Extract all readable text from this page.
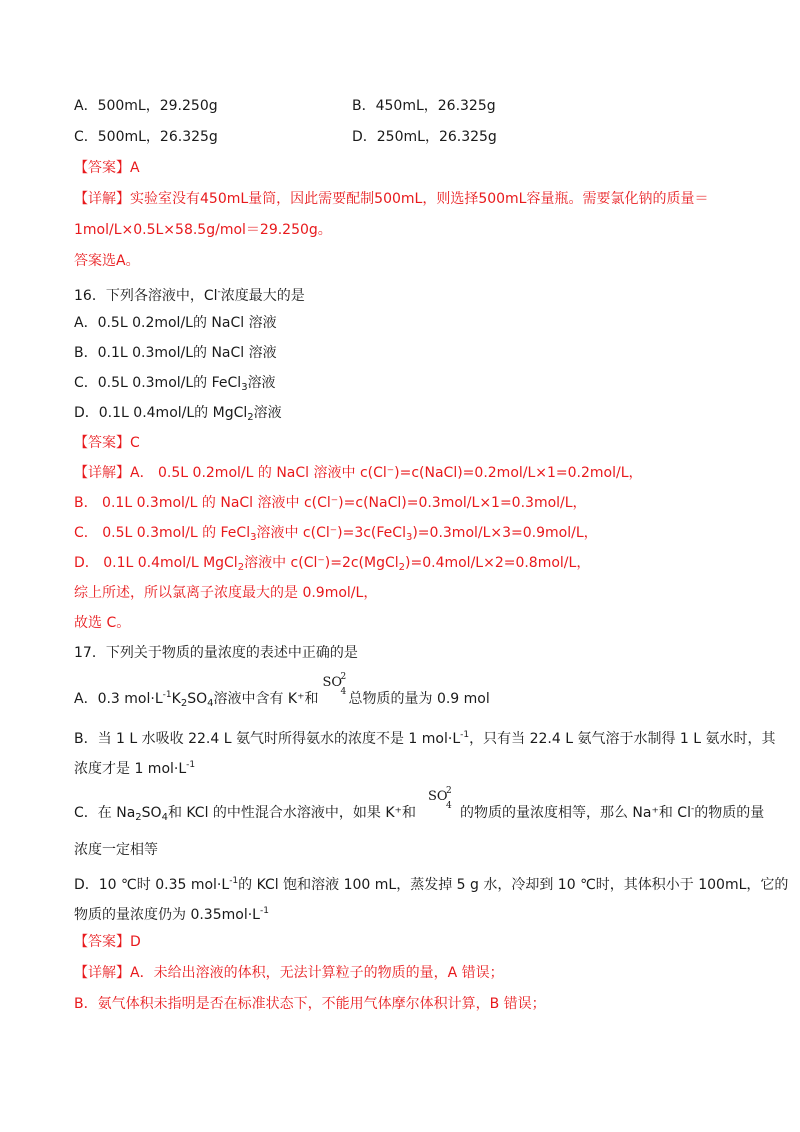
A．500mL，29.250g	B．450mL，26.325g
C．500mL，26.325g	D．250mL，26.325g
【答案】A
【详解】实验室没有450mL量筒，因此需要配制500mL，则选择500mL容量瓶。需要氯化钠的质量＝
1mol/L×0.5L×58.5g/mol＝29.250g。
答案选A。
16．下列各溶液中，Cl-浓度最大的是
A．0.5L 0.2mol/L的 NaCl 溶液
B．0.1L 0.3mol/L的 NaCl 溶液
C．0.5L 0.3mol/L的 FeCl$_3$溶液
D．0.1L 0.4mol/L的 MgCl$_2$溶液
【答案】C
【详解】A． 0.5L 0.2mol/L 的 NaCl 溶液中 c(Cl⁻)=c(NaCl)=0.2mol/L×1=0.2mol/L，
B． 0.1L 0.3mol/L 的 NaCl 溶液中 c(Cl⁻)=c(NaCl)=0.3mol/L×1=0.3mol/L，
C． 0.5L 0.3mol/L 的 FeCl$_3$溶液中 c(Cl⁻)=3c(FeCl$_3$)=0.3mol/L×3=0.9mol/L，
D． 0.1L 0.4mol/L MgCl$_2$溶液中 c(Cl⁻)=2c(MgCl$_2$)=0.4mol/L×2=0.8mol/L，
综上所述，所以氯离子浓度最大的是 0.9mol/L，
故选 C。
17．下列关于物质的量浓度的表述中正确的是
A．0.3 $mol\cdot L^{-1}K_2SO_4$溶液中含有 K⁺和
SO
2
4 总物质的量为 0.9 mol
B．当 1 L 水吸收 22.4 L 氨气时所得氨水的浓度不是 1 $mol\cdot L^{-1}$，只有当 22.4 L 氨气溶于水制得 1 L 氨水时，其
浓度才是 1 $mol\cdot L^{-1}$
C．在 $Na_2SO_4$和 KCl 的中性混合水溶液中，如果 K⁺和
SO
2
4 的物质的量浓度相等，那么 Na⁺和 Cl-的物质的量
浓度一定相等
D．10 ℃时 0.35 $mol\cdot L^{-1}$的 KCl 饱和溶液 100 mL，蒸发掉 5 g 水，冷却到 10 ℃时，其体积小于 100mL，它的
物质的量浓度仍为 $0.35mol\cdot L^{-1}$
【答案】D
【详解】A．未给出溶液的体积，无法计算粒子的物质的量，A 错误；
B．氨气体积未指明是否在标准状态下，不能用气体摩尔体积计算，B 错误；
